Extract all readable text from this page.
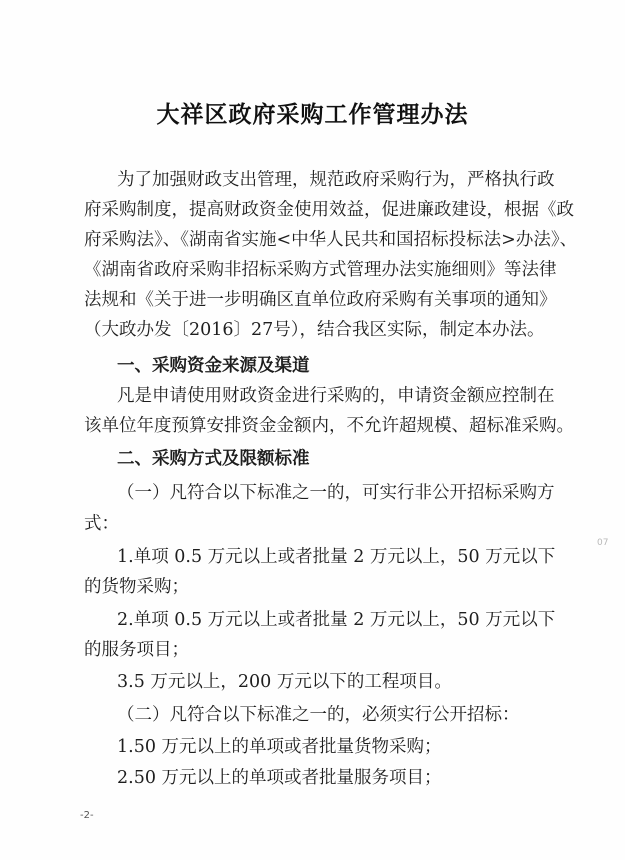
大祥区政府采购工作管理办法
为了加强财政支出管理，规范政府采购行为，严格执行政
府采购制度，提高财政资金使用效益，促进廉政建设，根据《政
府采购法》、《湖南省实施<中华人民共和国招标投标法>办法》、
《湖南省政府采购非招标采购方式管理办法实施细则》等法律
法规和《关于进一步明确区直单位政府采购有关事项的通知》
（大政办发〔2016〕27号），结合我区实际，制定本办法。
一、采购资金来源及渠道
凡是申请使用财政资金进行采购的，申请资金额应控制在
该单位年度预算安排资金金额内，不允许超规模、超标准采购。
二、采购方式及限额标准
（一）凡符合以下标准之一的，可实行非公开招标采购方
式：
1.单项 0.5 万元以上或者批量 2 万元以上，50 万元以下
的货物采购；
2.单项 0.5 万元以上或者批量 2 万元以上，50 万元以下
的服务项目；
3.5 万元以上，200 万元以下的工程项目。
（二）凡符合以下标准之一的，必须实行公开招标：
1.50 万元以上的单项或者批量货物采购；
2.50 万元以上的单项或者批量服务项目；
07
-2-
